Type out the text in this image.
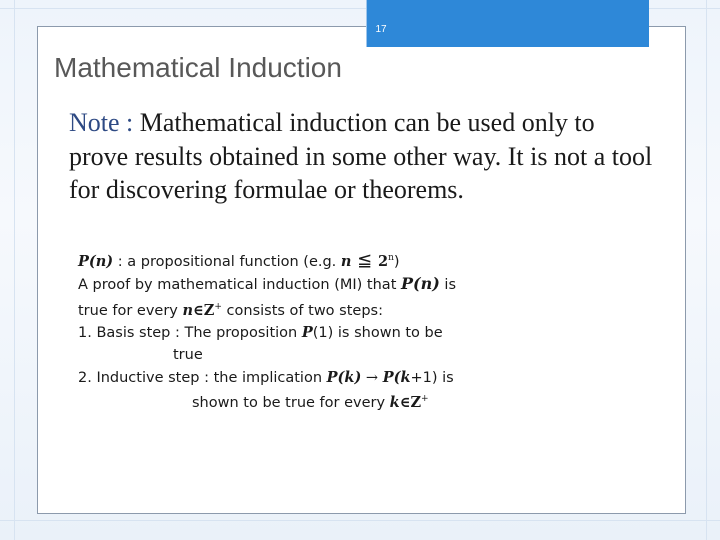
17
Mathematical Induction
Note : Mathematical induction can be used only to
prove results obtained in some other way. It is not a tool
for discovering formulae or theorems.
P(n) : a propositional function (e.g. n ≦ 2$^n$)
A proof by mathematical induction (MI) that P(n) is
true for every n∈Z+ consists of two steps:
1. Basis step : The proposition P(1) is shown to be
true
2. Inductive step : the implication P(k) → P(k+1) is
shown to be true for every k∈Z+
